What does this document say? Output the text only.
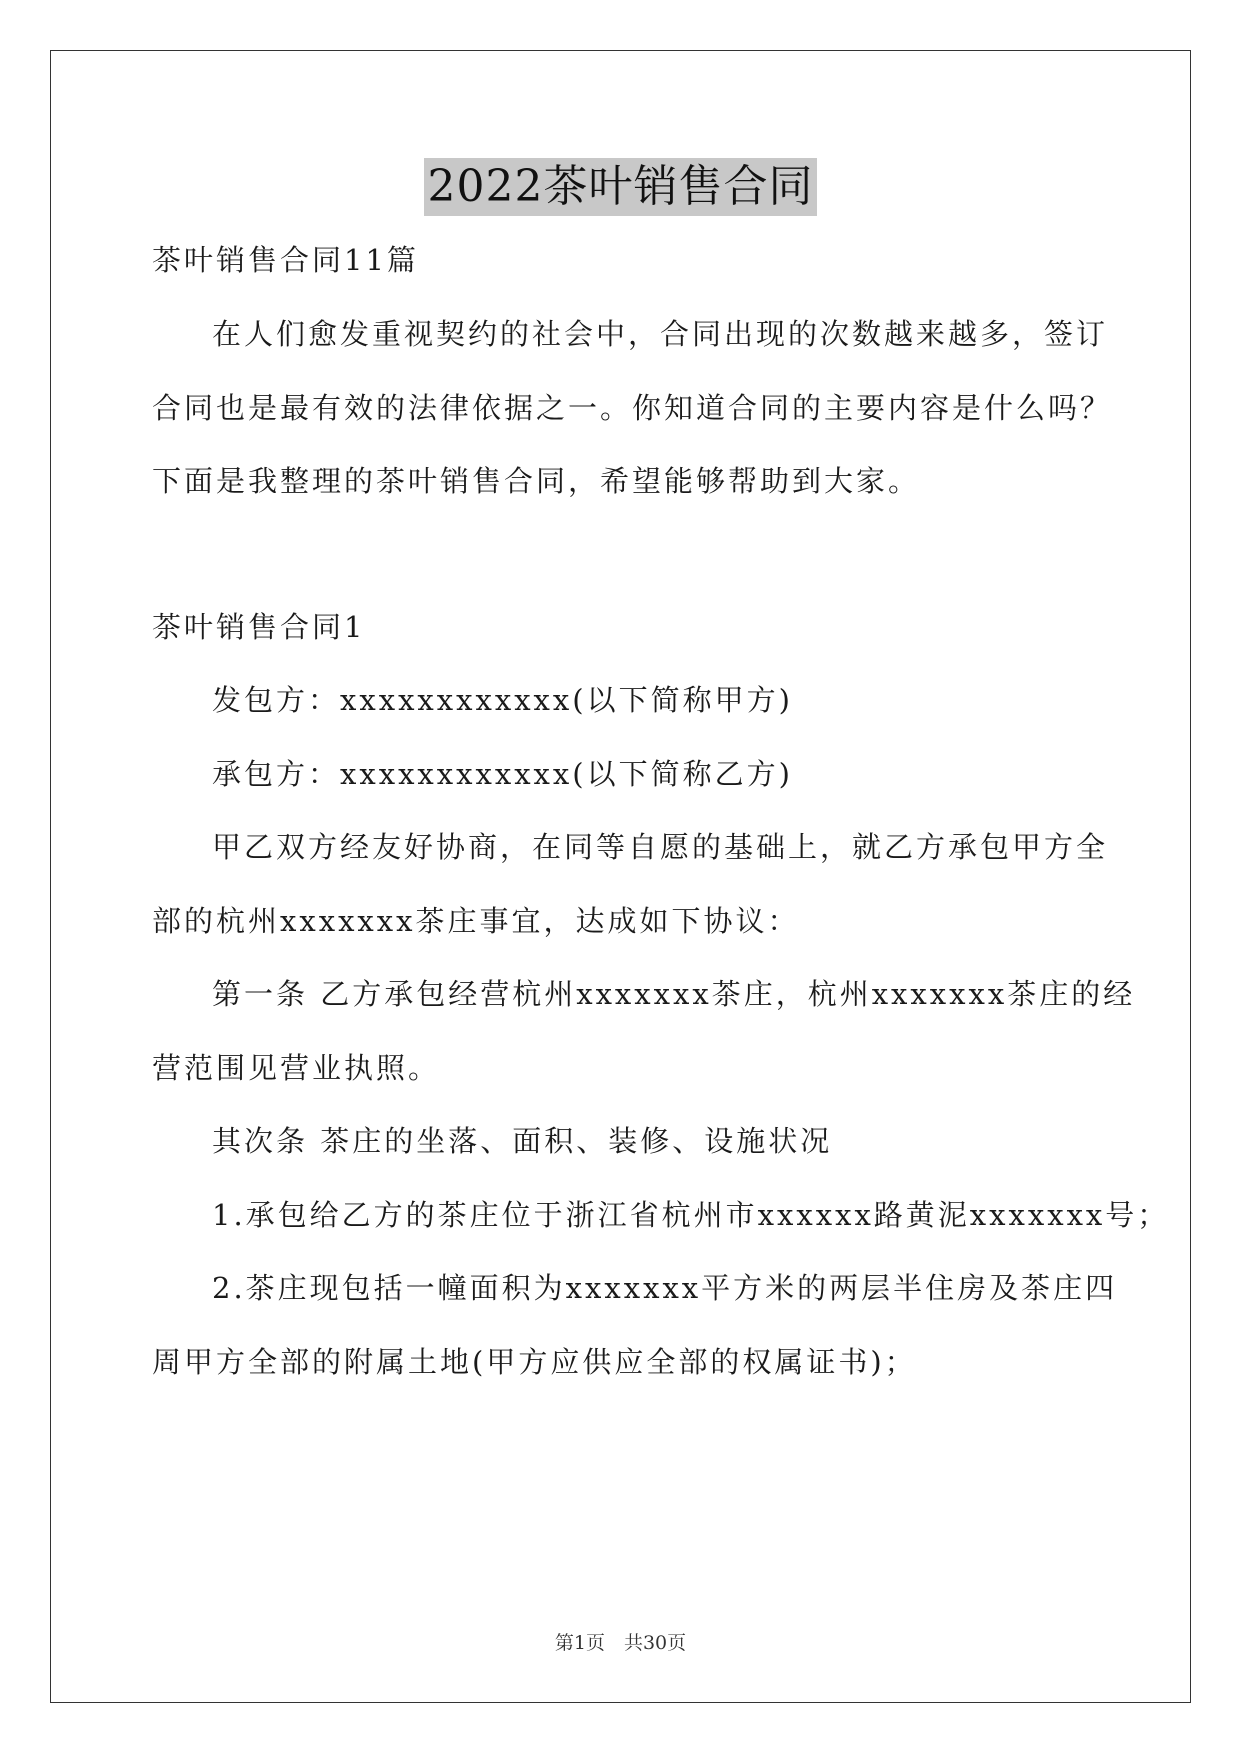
2022茶叶销售合同
茶叶销售合同11篇
在人们愈发重视契约的社会中，合同出现的次数越来越多，签订
合同也是最有效的法律依据之一。你知道合同的主要内容是什么吗？
下面是我整理的茶叶销售合同，希望能够帮助到大家。
茶叶销售合同1
发包方：xxxxxxxxxxxx(以下简称甲方)
承包方：xxxxxxxxxxxx(以下简称乙方)
甲乙双方经友好协商，在同等自愿的基础上，就乙方承包甲方全
部的杭州xxxxxxx茶庄事宜，达成如下协议：
第一条 乙方承包经营杭州xxxxxxx茶庄，杭州xxxxxxx茶庄的经
营范围见营业执照。
其次条 茶庄的坐落、面积、装修、设施状况
1.承包给乙方的茶庄位于浙江省杭州市xxxxxx路黄泥xxxxxxx号；
2.茶庄现包括一幢面积为xxxxxxx平方米的两层半住房及茶庄四
周甲方全部的附属土地(甲方应供应全部的权属证书)；
第1页　共30页
